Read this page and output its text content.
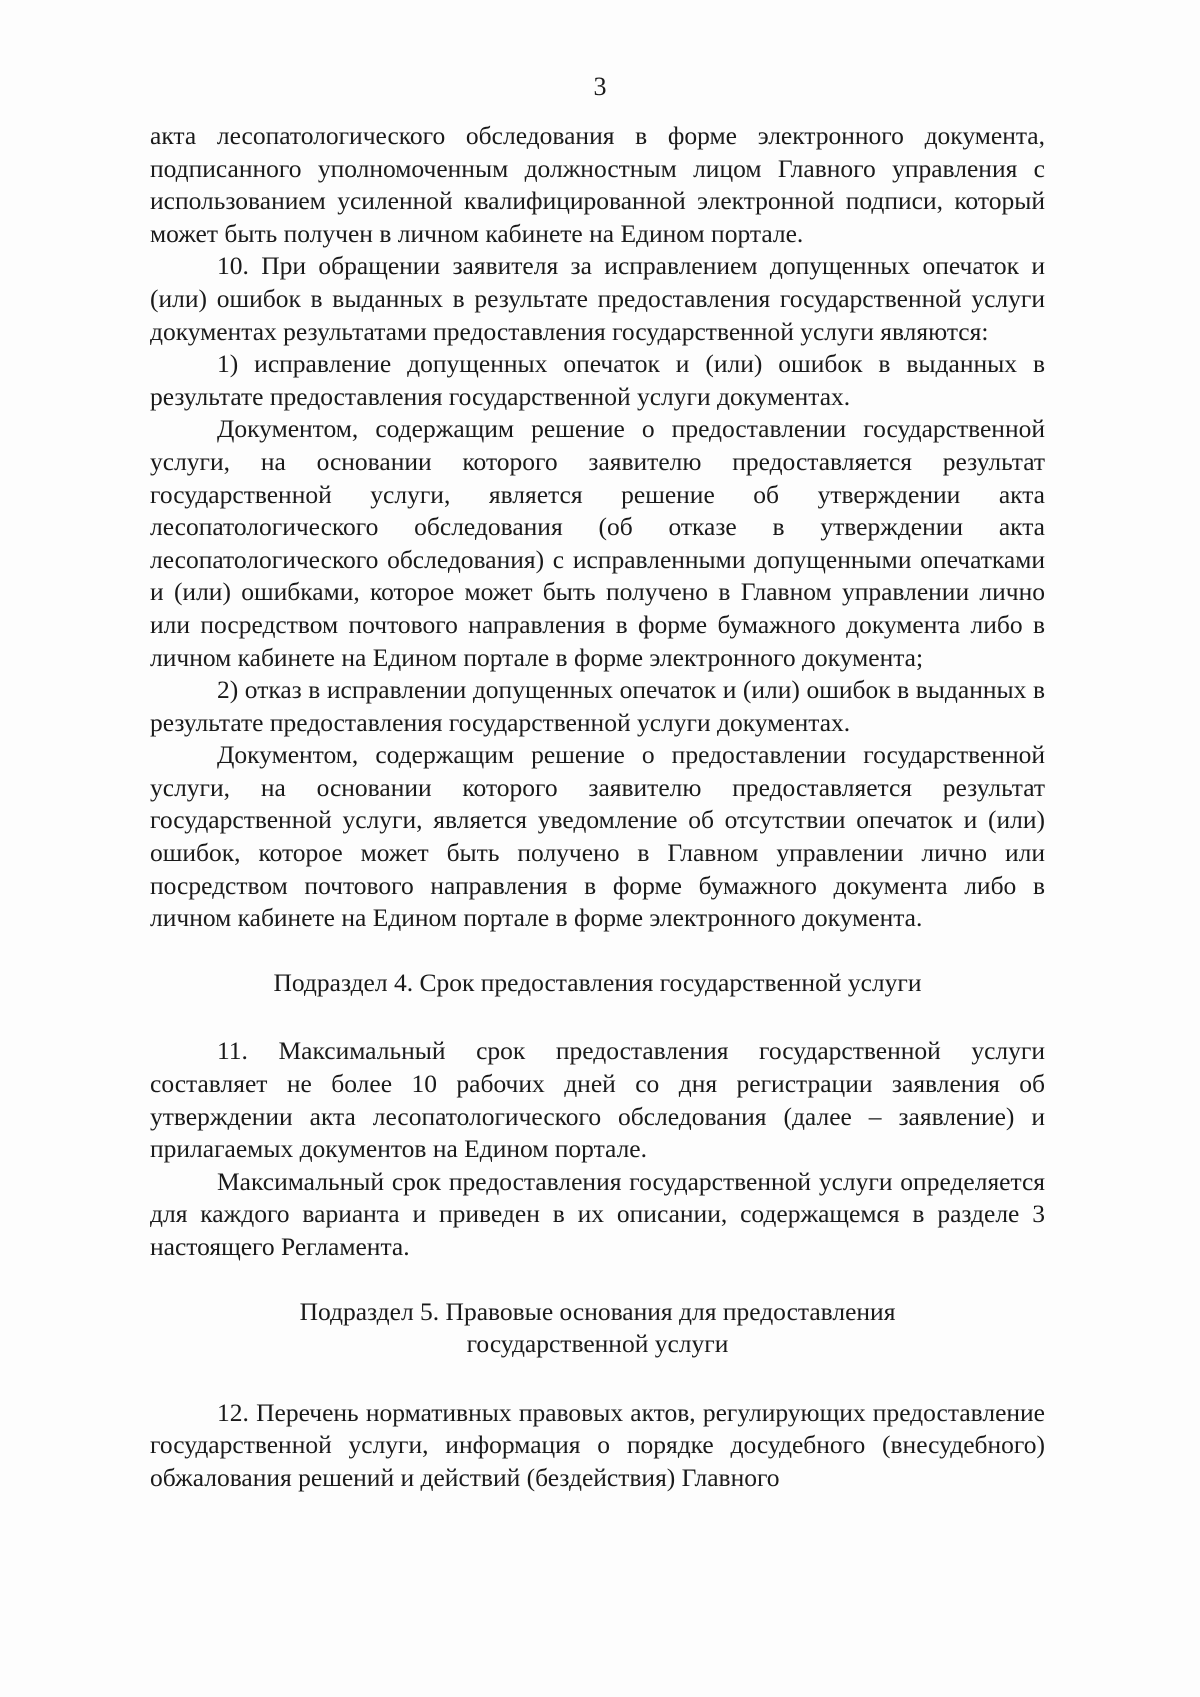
3

акта лесопатологического обследования в форме электронного документа, подписанного уполномоченным должностным лицом Главного управления с использованием усиленной квалифицированной электронной подписи, который может быть получен в личном кабинете на Едином портале.

10. При обращении заявителя за исправлением допущенных опечаток и (или) ошибок в выданных в результате предоставления государственной услуги документах результатами предоставления государственной услуги являются:

1) исправление допущенных опечаток и (или) ошибок в выданных в результате предоставления государственной услуги документах.

Документом, содержащим решение о предоставлении государственной услуги, на основании которого заявителю предоставляется результат государственной услуги, является решение об утверждении акта лесопатологического обследования (об отказе в утверждении акта лесопатологического обследования) с исправленными допущенными опечатками и (или) ошибками, которое может быть получено в Главном управлении лично или посредством почтового направления в форме бумажного документа либо в личном кабинете на Едином портале в форме электронного документа;

2) отказ в исправлении допущенных опечаток и (или) ошибок в выданных в результате предоставления государственной услуги документах.

Документом, содержащим решение о предоставлении государственной услуги, на основании которого заявителю предоставляется результат государственной услуги, является уведомление об отсутствии опечаток и (или) ошибок, которое может быть получено в Главном управлении лично или посредством почтового направления в форме бумажного документа либо в личном кабинете на Едином портале в форме электронного документа.

Подраздел 4. Срок предоставления государственной услуги

11. Максимальный срок предоставления государственной услуги составляет не более 10 рабочих дней со дня регистрации заявления об утверждении акта лесопатологического обследования (далее – заявление) и прилагаемых документов на Едином портале.

Максимальный срок предоставления государственной услуги определяется для каждого варианта и приведен в их описании, содержащемся в разделе 3 настоящего Регламента.

Подраздел 5. Правовые основания для предоставления

государственной услуги

12. Перечень нормативных правовых актов, регулирующих предоставление государственной услуги, информация о порядке досудебного (внесудебного) обжалования решений и действий (бездействия) Главного
